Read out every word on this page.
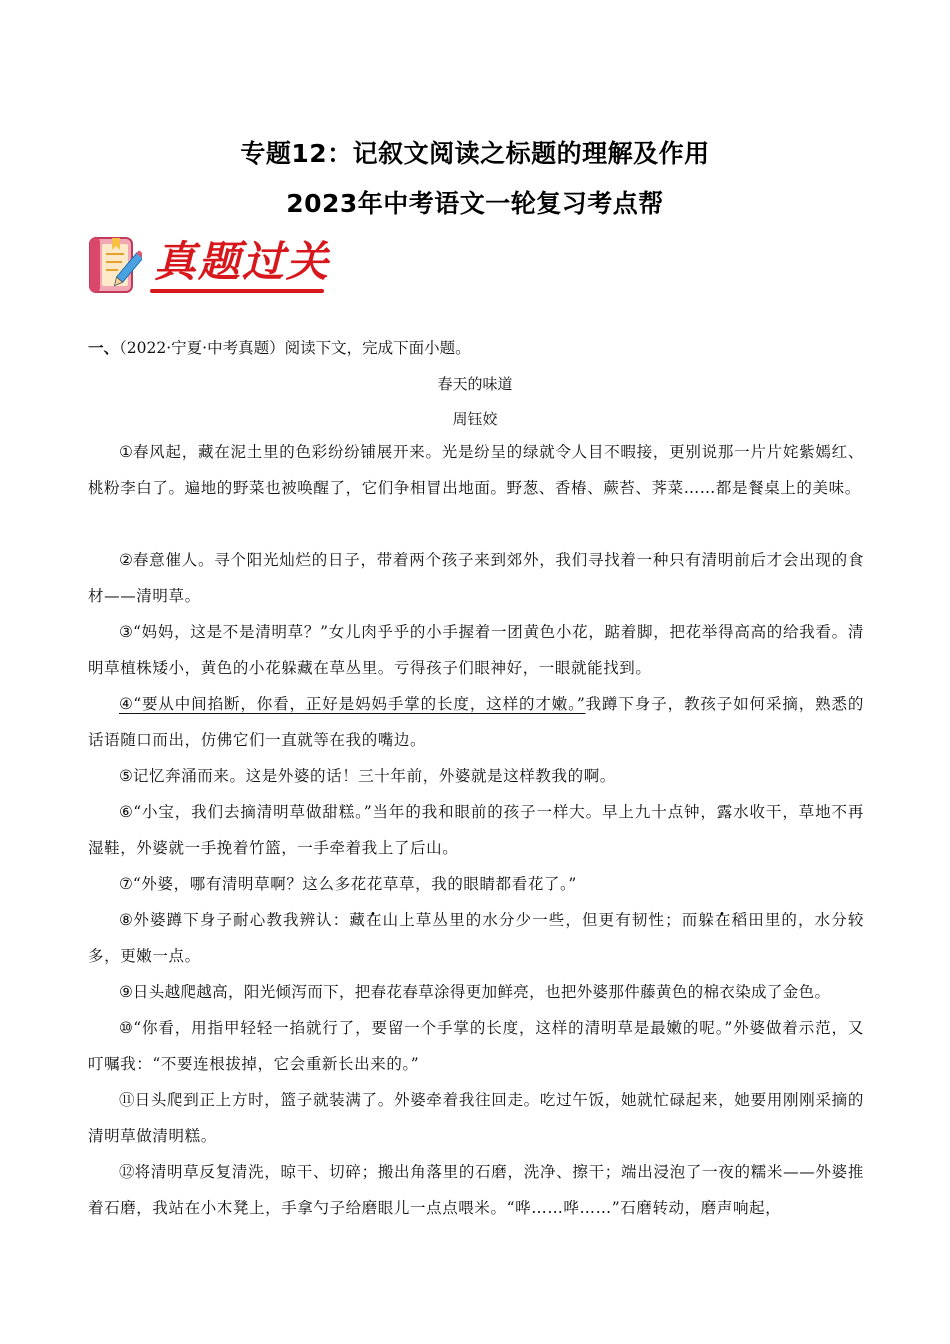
专题12：记叙文阅读之标题的理解及作用
2023年中考语文一轮复习考点帮
真题过关
一、（2022·宁夏·中考真题）阅读下文，完成下面小题。
春天的味道
周钰姣
①春风起，藏在泥土里的色彩纷纷铺展开来。光是纷呈的绿就令人目不暇接，更别说那一片片姹紫嫣红、桃粉李白了。遍地的野菜也被唤醒了，它们争相冒出地面。野葱、香椿、蕨苔、荠菜……都是餐桌上的美味。
②春意催人。寻个阳光灿烂的日子，带着两个孩子来到郊外，我们寻找着一种只有清明前后才会出现的食材——清明草。
③“妈妈，这是不是清明草？”女儿肉乎乎的小手握着一团黄色小花，踮着脚，把花举得高高的给我看。清明草植株矮小，黄色的小花躲藏在草丛里。亏得孩子们眼神好，一眼就能找到。
④“要从中间掐断，你看，正好是妈妈手掌的长度，这样的才嫩。”我蹲下身子，教孩子如何采摘，熟悉的话语随口而出，仿佛它们一直就等在我的嘴边。
⑤记忆奔涌而来。这是外婆的话！三十年前，外婆就是这样教我的啊。
⑥“小宝，我们去摘清明草做甜糕。”当年的我和眼前的孩子一样大。早上九十点钟，露水收干，草地不再湿鞋，外婆就一手挽着竹篮，一手牵着我上了后山。
⑦“外婆，哪有清明草啊？这么多花花草草，我的眼睛都看花了。”
⑧外婆蹲下身子耐心教我辨认：藏在山上草丛里的水分少一些，但更有韧性；而躲在稻田里的，水分较多，更嫩一点。
⑨日头越爬越高，阳光倾泻而下，把春花春草涂得更加鲜亮，也把外婆那件藤黄色的棉衣染成了金色。
⑩“你看，用指甲轻轻一掐就行了，要留一个手掌的长度，这样的清明草是最嫩的呢。”外婆做着示范，又叮嘱我：“不要连根拔掉，它会重新长出来的。”
⑪日头爬到正上方时，篮子就装满了。外婆牵着我往回走。吃过午饭，她就忙碌起来，她要用刚刚采摘的清明草做清明糕。
⑫将清明草反复清洗，晾干、切碎；搬出角落里的石磨，洗净、擦干；端出浸泡了一夜的糯米——外婆推着石磨，我站在小木凳上，手拿勺子给磨眼儿一点点喂米。“哗……哗……”石磨转动，磨声响起，
